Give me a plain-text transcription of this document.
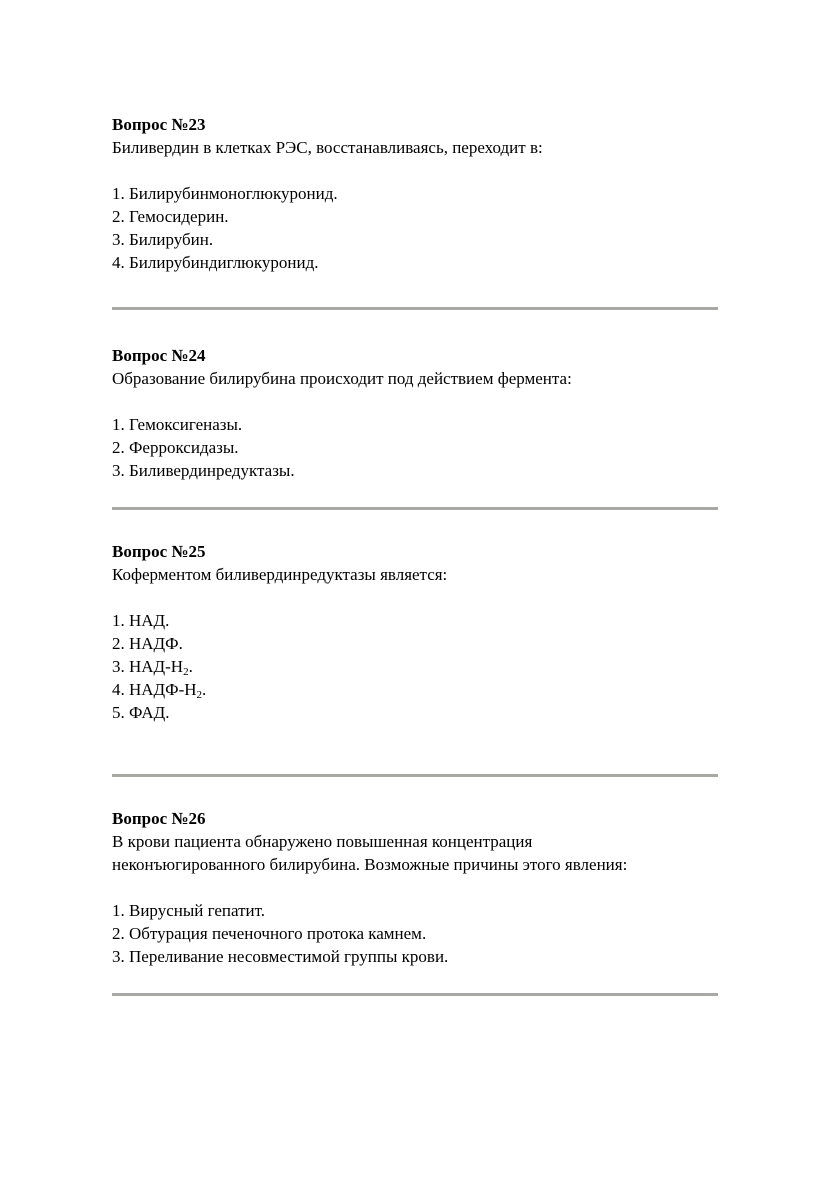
Вопрос №23

Биливердин в клетках РЭС, восстанавливаясь, переходит в:

1. Билирубинмоноглюкуронид.
2. Гемосидерин.
3. Билирубин.
4. Билирубиндиглюкуронид.

Вопрос №24

Образование билирубина происходит под действием фермента:

1. Гемоксигеназы.
2. Ферроксидазы.
3. Биливердинредуктазы.

Вопрос №25

Коферментом биливердинредуктазы является:

1. НАД.
2. НАДФ.
3. НАД-$Н_2$.
4. НАДФ-$Н_2$.
5. ФАД.

Вопрос №26

В крови пациента обнаружено повышенная концентрация

неконъюгированного билирубина. Возможные причины этого явления:

1. Вирусный гепатит.
2. Обтурация печеночного протока камнем.
3. Переливание несовместимой группы крови.
